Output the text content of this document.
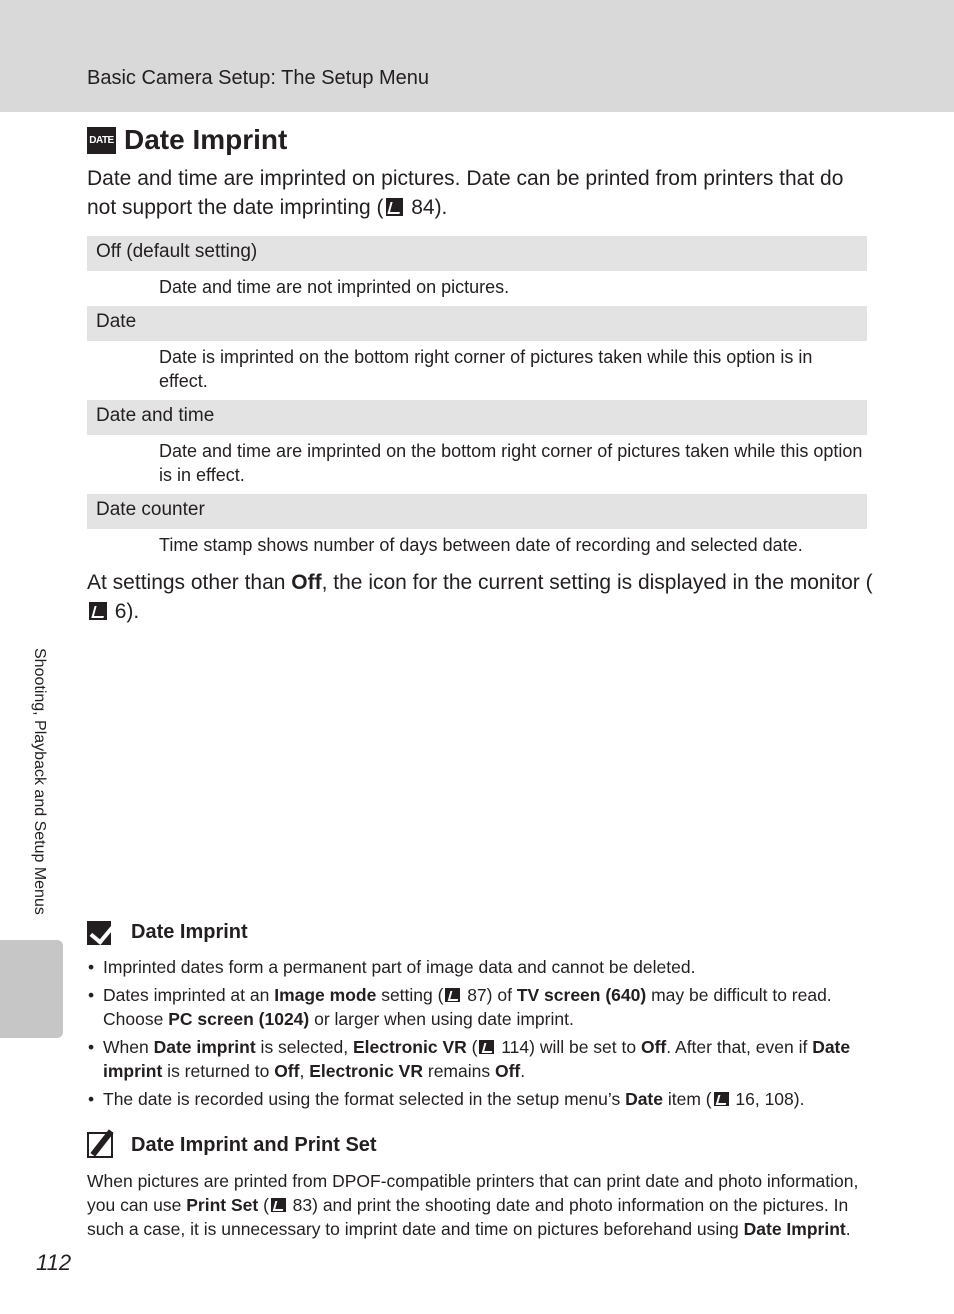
Basic Camera Setup: The Setup Menu
Shooting, Playback and Setup Menus
DATE Date Imprint
Date and time are imprinted on pictures. Date can be printed from printers that do not support the date imprinting ( 84).
Off (default setting)
Date and time are not imprinted on pictures.
Date
Date is imprinted on the bottom right corner of pictures taken while this option is in effect.
Date and time
Date and time are imprinted on the bottom right corner of pictures taken while this option is in effect.
Date counter
Time stamp shows number of days between date of recording and selected date.
At settings other than Off, the icon for the current setting is displayed in the monitor ( 6).
Date Imprint
• Imprinted dates form a permanent part of image data and cannot be deleted.
• Dates imprinted at an Image mode setting ( 87) of TV screen (640) may be difficult to read. Choose PC screen (1024) or larger when using date imprint.
• When Date imprint is selected, Electronic VR ( 114) will be set to Off. After that, even if Date imprint is returned to Off, Electronic VR remains Off.
• The date is recorded using the format selected in the setup menu’s Date item ( 16, 108).
Date Imprint and Print Set
When pictures are printed from DPOF-compatible printers that can print date and photo information, you can use Print Set ( 83) and print the shooting date and photo information on the pictures. In such a case, it is unnecessary to imprint date and time on pictures beforehand using Date Imprint.
112
